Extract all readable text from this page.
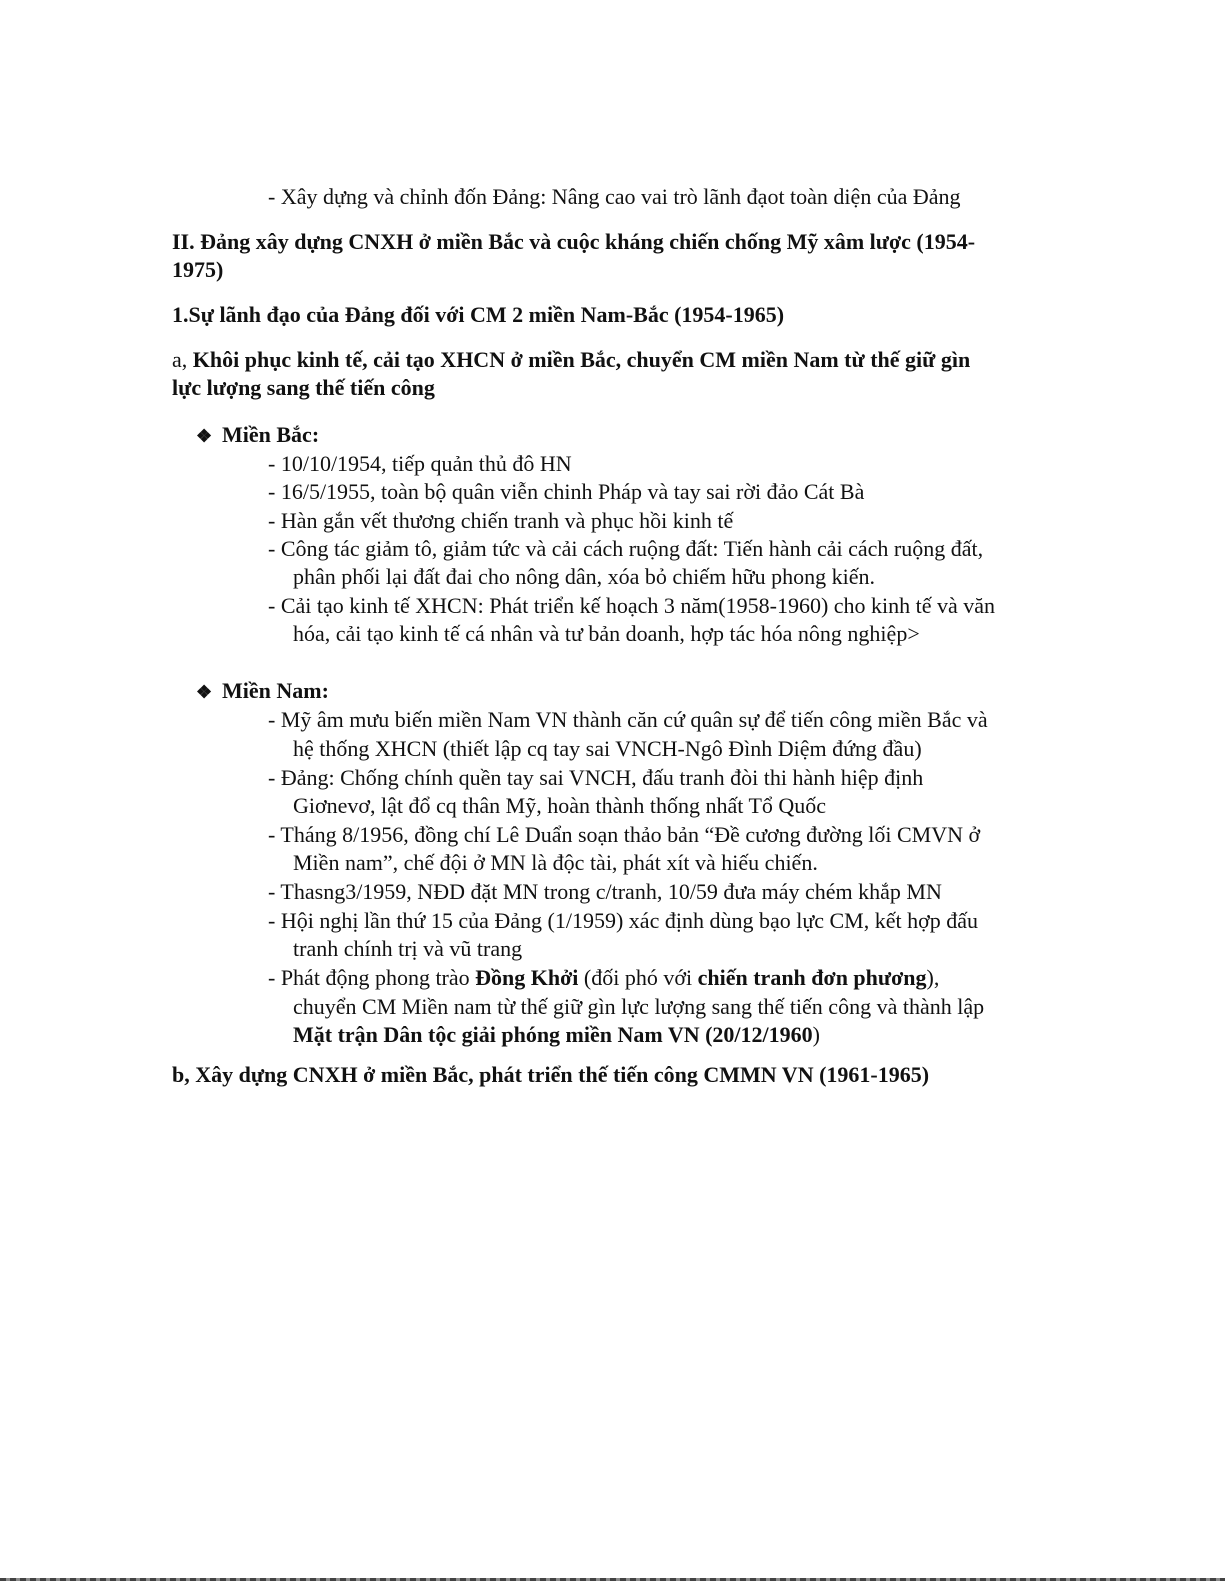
- Xây dựng và chỉnh đốn Đảng: Nâng cao vai trò lãnh đạot toàn diện của Đảng
II. Đảng xây dựng CNXH ở miền Bắc và cuộc kháng chiến chống Mỹ xâm lược (1954-
1975)
1.Sự lãnh đạo của Đảng đối với CM 2 miền Nam-Bắc (1954-1965)
a, Khôi phục kinh tế, cải tạo XHCN ở miền Bắc, chuyển CM miền Nam từ thế giữ gìn
lực lượng sang thế tiến công
❖ Miền Bắc:
- 10/10/1954, tiếp quản thủ đô HN
- 16/5/1955, toàn bộ quân viễn chinh Pháp và tay sai rời đảo Cát Bà
- Hàn gắn vết thương chiến tranh và phục hồi kinh tế
- Công tác giảm tô, giảm tức và cải cách ruộng đất: Tiến hành cải cách ruộng đất,
phân phối lại đất đai cho nông dân, xóa bỏ chiếm hữu phong kiến.
- Cải tạo kinh tế XHCN: Phát triển kế hoạch 3 năm(1958-1960) cho kinh tế và văn
hóa, cải tạo kinh tế cá nhân và tư bản doanh, hợp tác hóa nông nghiệp>
❖ Miền Nam:
- Mỹ âm mưu biến miền Nam VN thành căn cứ quân sự để tiến công miền Bắc và
hệ thống XHCN (thiết lập cq tay sai VNCH-Ngô Đình Diệm đứng đầu)
- Đảng: Chống chính quền tay sai VNCH, đấu tranh đòi thi hành hiệp định
Giơnevơ, lật đổ cq thân Mỹ, hoàn thành thống nhất Tổ Quốc
- Tháng 8/1956, đồng chí Lê Duẩn soạn thảo bản “Đề cương đường lối CMVN ở
Miền nam”, chế đội ở MN là độc tài, phát xít và hiếu chiến.
- Thasng3/1959, NĐD đặt MN trong c/tranh, 10/59 đưa máy chém khắp MN
- Hội nghị lần thứ 15 của Đảng (1/1959) xác định dùng bạo lực CM, kết hợp đấu
tranh chính trị và vũ trang
- Phát động phong trào Đồng Khởi (đối phó với chiến tranh đơn phương),
chuyển CM Miền nam từ thế giữ gìn lực lượng sang thế tiến công và thành lập
Mặt trận Dân tộc giải phóng miền Nam VN (20/12/1960)
b, Xây dựng CNXH ở miền Bắc, phát triển thế tiến công CMMN VN (1961-1965)
